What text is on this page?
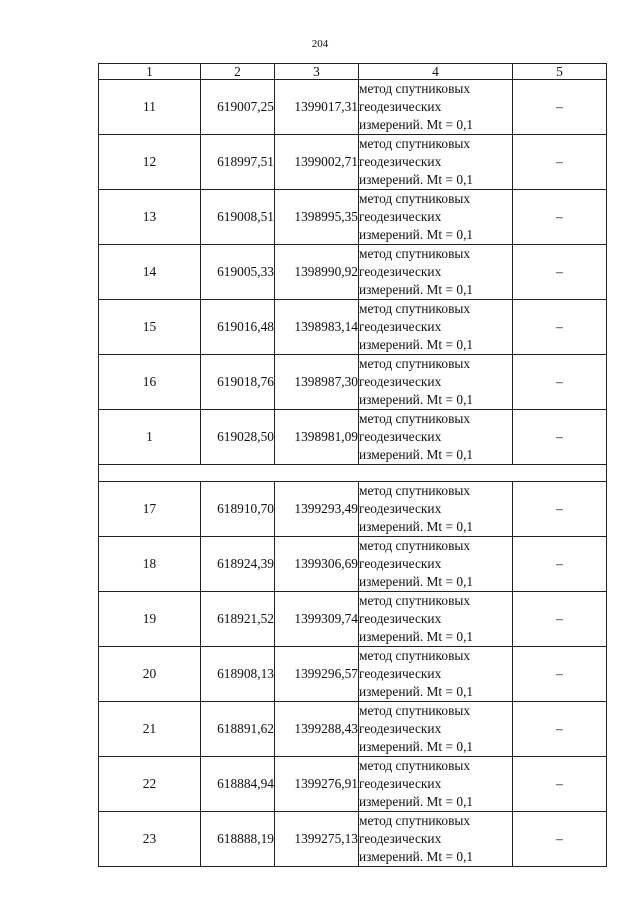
204
1	2	3	4	5
11	619007,25	1399017,31	метод спутниковых
геодезических
измерений. Mt = 0,1	–
12	618997,51	1399002,71	метод спутниковых
геодезических
измерений. Mt = 0,1	–
13	619008,51	1398995,35	метод спутниковых
геодезических
измерений. Mt = 0,1	–
14	619005,33	1398990,92	метод спутниковых
геодезических
измерений. Mt = 0,1	–
15	619016,48	1398983,14	метод спутниковых
геодезических
измерений. Mt = 0,1	–
16	619018,76	1398987,30	метод спутниковых
геодезических
измерений. Mt = 0,1	–
1	619028,50	1398981,09	метод спутниковых
геодезических
измерений. Mt = 0,1	–

17	618910,70	1399293,49	метод спутниковых
геодезических
измерений. Mt = 0,1	–
18	618924,39	1399306,69	метод спутниковых
геодезических
измерений. Mt = 0,1	–
19	618921,52	1399309,74	метод спутниковых
геодезических
измерений. Mt = 0,1	–
20	618908,13	1399296,57	метод спутниковых
геодезических
измерений. Mt = 0,1	–
21	618891,62	1399288,43	метод спутниковых
геодезических
измерений. Mt = 0,1	–
22	618884,94	1399276,91	метод спутниковых
геодезических
измерений. Mt = 0,1	–
23	618888,19	1399275,13	метод спутниковых
геодезических
измерений. Mt = 0,1	–
